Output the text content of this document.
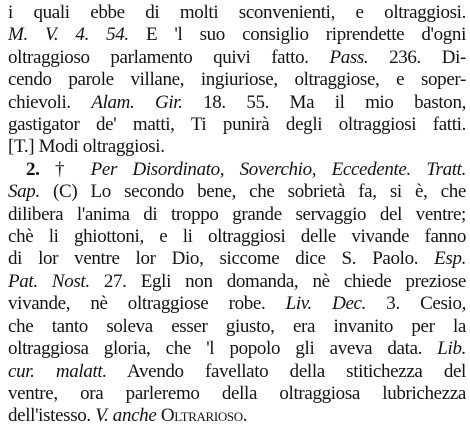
i quali ebbe di molti sconvenienti, e oltraggiosi.
M. V. 4. 54. E 'l suo consiglio riprendette d'ogni
oltraggioso parlamento quivi fatto. Pass. 236. Di-
cendo parole villane, ingiuriose, oltraggiose, e soper-
chievoli. Alam. Gir. 18. 55. Ma il mio baston,
gastigator de' matti, Ti punirà degli oltraggiosi fatti.
[T.] Modi oltraggiosi.
2. † Per Disordinato, Soverchio, Eccedente. Tratt.
Sap. (C) Lo secondo bene, che sobrietà fa, si è, che
dilibera l'anima di troppo grande servaggio del ventre;
chè li ghiottoni, e li oltraggiosi delle vivande fanno
di lor ventre lor Dio, siccome dice S. Paolo. Esp.
Pat. Nost. 27. Egli non domanda, nè chiede preziose
vivande, nè oltraggiose robe. Liv. Dec. 3. Cesio,
che tanto soleva esser giusto, era invanito per la
oltraggiosa gloria, che 'l popolo gli aveva data. Lib.
cur. malatt. Avendo favellato della stitichezza del
ventre, ora parleremo della oltraggiosa lubrichezza
dell'istesso. V. anche Oltrarioso.
